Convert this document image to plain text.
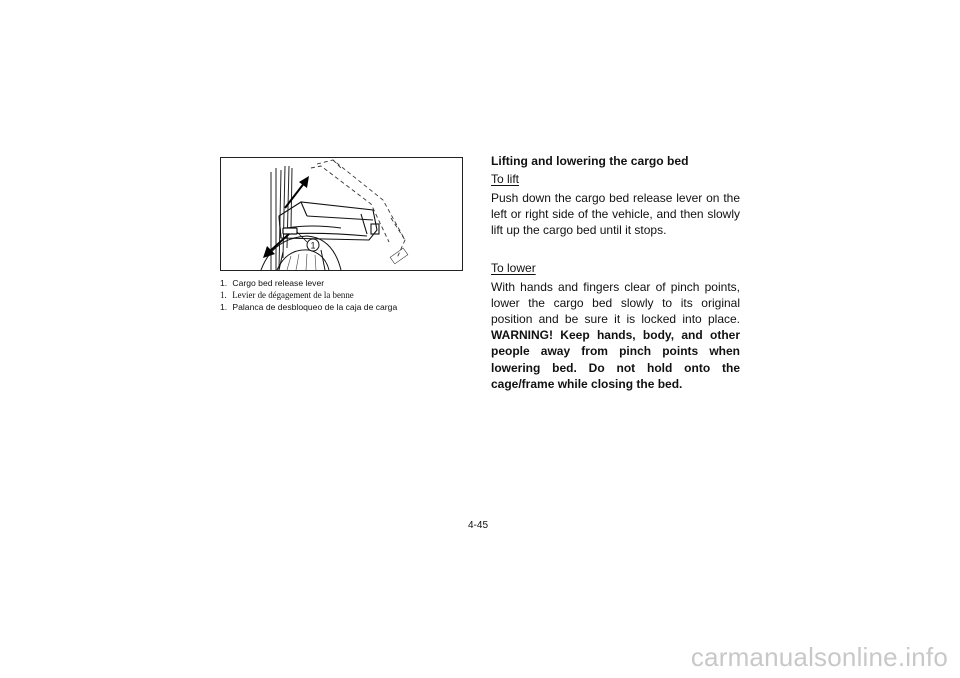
1
1. Cargo bed release lever
1. Levier de dégagement de la benne
1. Palanca de desbloqueo de la caja de carga
Lifting and lowering the cargo bed
To lift

Push down the cargo bed release lever on the left or right side of the vehicle, and then slowly lift up the cargo bed until it stops.

To lower

With hands and fingers clear of pinch points, lower the cargo bed slowly to its original position and be sure it is locked into place. WARNING! Keep hands, body, and other people away from pinch points when lowering bed. Do not hold onto the cage/frame while closing the bed.

4-45
carmanualsonline.info
